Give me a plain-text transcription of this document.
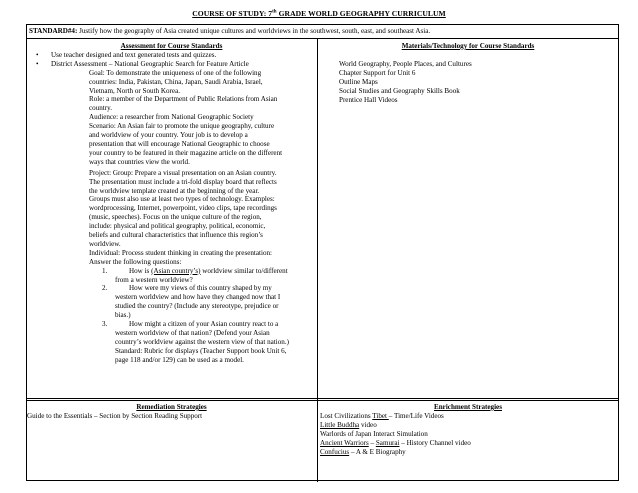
COURSE OF STUDY: 7th GRADE WORLD GEOGRAPHY CURRICULUM
STANDARD#4: Justify how the geography of Asia created unique cultures and worldviews in the southwest, south, east, and southeast Asia.
Assessment for Course Standards
• Use teacher designed and text generated tests and quizzes.
• District Assessment – National Geographic Search for Feature Article
Goal: To demonstrate the uniqueness of one of the following
countries: India, Pakistan, China, Japan, Saudi Arabia, Israel,
Vietnam, North or South Korea.
Role: a member of the Department of Public Relations from Asian
country.
Audience: a researcher from National Geographic Society
Scenario: An Asian fair to promote the unique geography, culture
and worldview of your country. Your job is to develop a
presentation that will encourage National Geographic to choose
your country to be featured in their magazine article on the different
ways that countries view the world.
Project: Group: Prepare a visual presentation on an Asian country.
The presentation must include a tri-fold display board that reflects
the worldview template created at the beginning of the year.
Groups must also use at least two types of technology. Examples:
wordprocessing, Internet, powerpoint, video clips, tape recordings
(music, speeches). Focus on the unique culture of the region,
include: physical and political geography, political, economic,
beliefs and cultural characteristics that influence this region’s
worldview.
Individual: Process student thinking in creating the presentation:
Answer the following questions:
1.	How is (Asian country’s) worldview similar to/different
from a western worldview?
2.	How were my views of this country shaped by my
western worldview and how have they changed now that I
studied the country? (Include any stereotype, prejudice or
bias.)
3.	How might a citizen of your Asian country react to a
western worldview of that nation? (Defend your Asian
country’s worldview against the western view of that nation.)
Standard: Rubric for displays (Teacher Support book Unit 6,
page 118 and/or 129) can be used as a model.
Materials/Technology for Course Standards
World Geography, People Places, and Cultures
Chapter Support for Unit 6
Outline Maps
Social Studies and Geography Skills Book
Prentice Hall Videos
Remediation Strategies
Guide to the Essentials – Section by Section Reading Support
Enrichment Strategies
Lost Civilizations Tibet – Time/Life Videos
Little Buddha video
Warlords of Japan Interact Simulation
Ancient Warriors – Samurai – History Channel video
Confucius – A & E Biography
